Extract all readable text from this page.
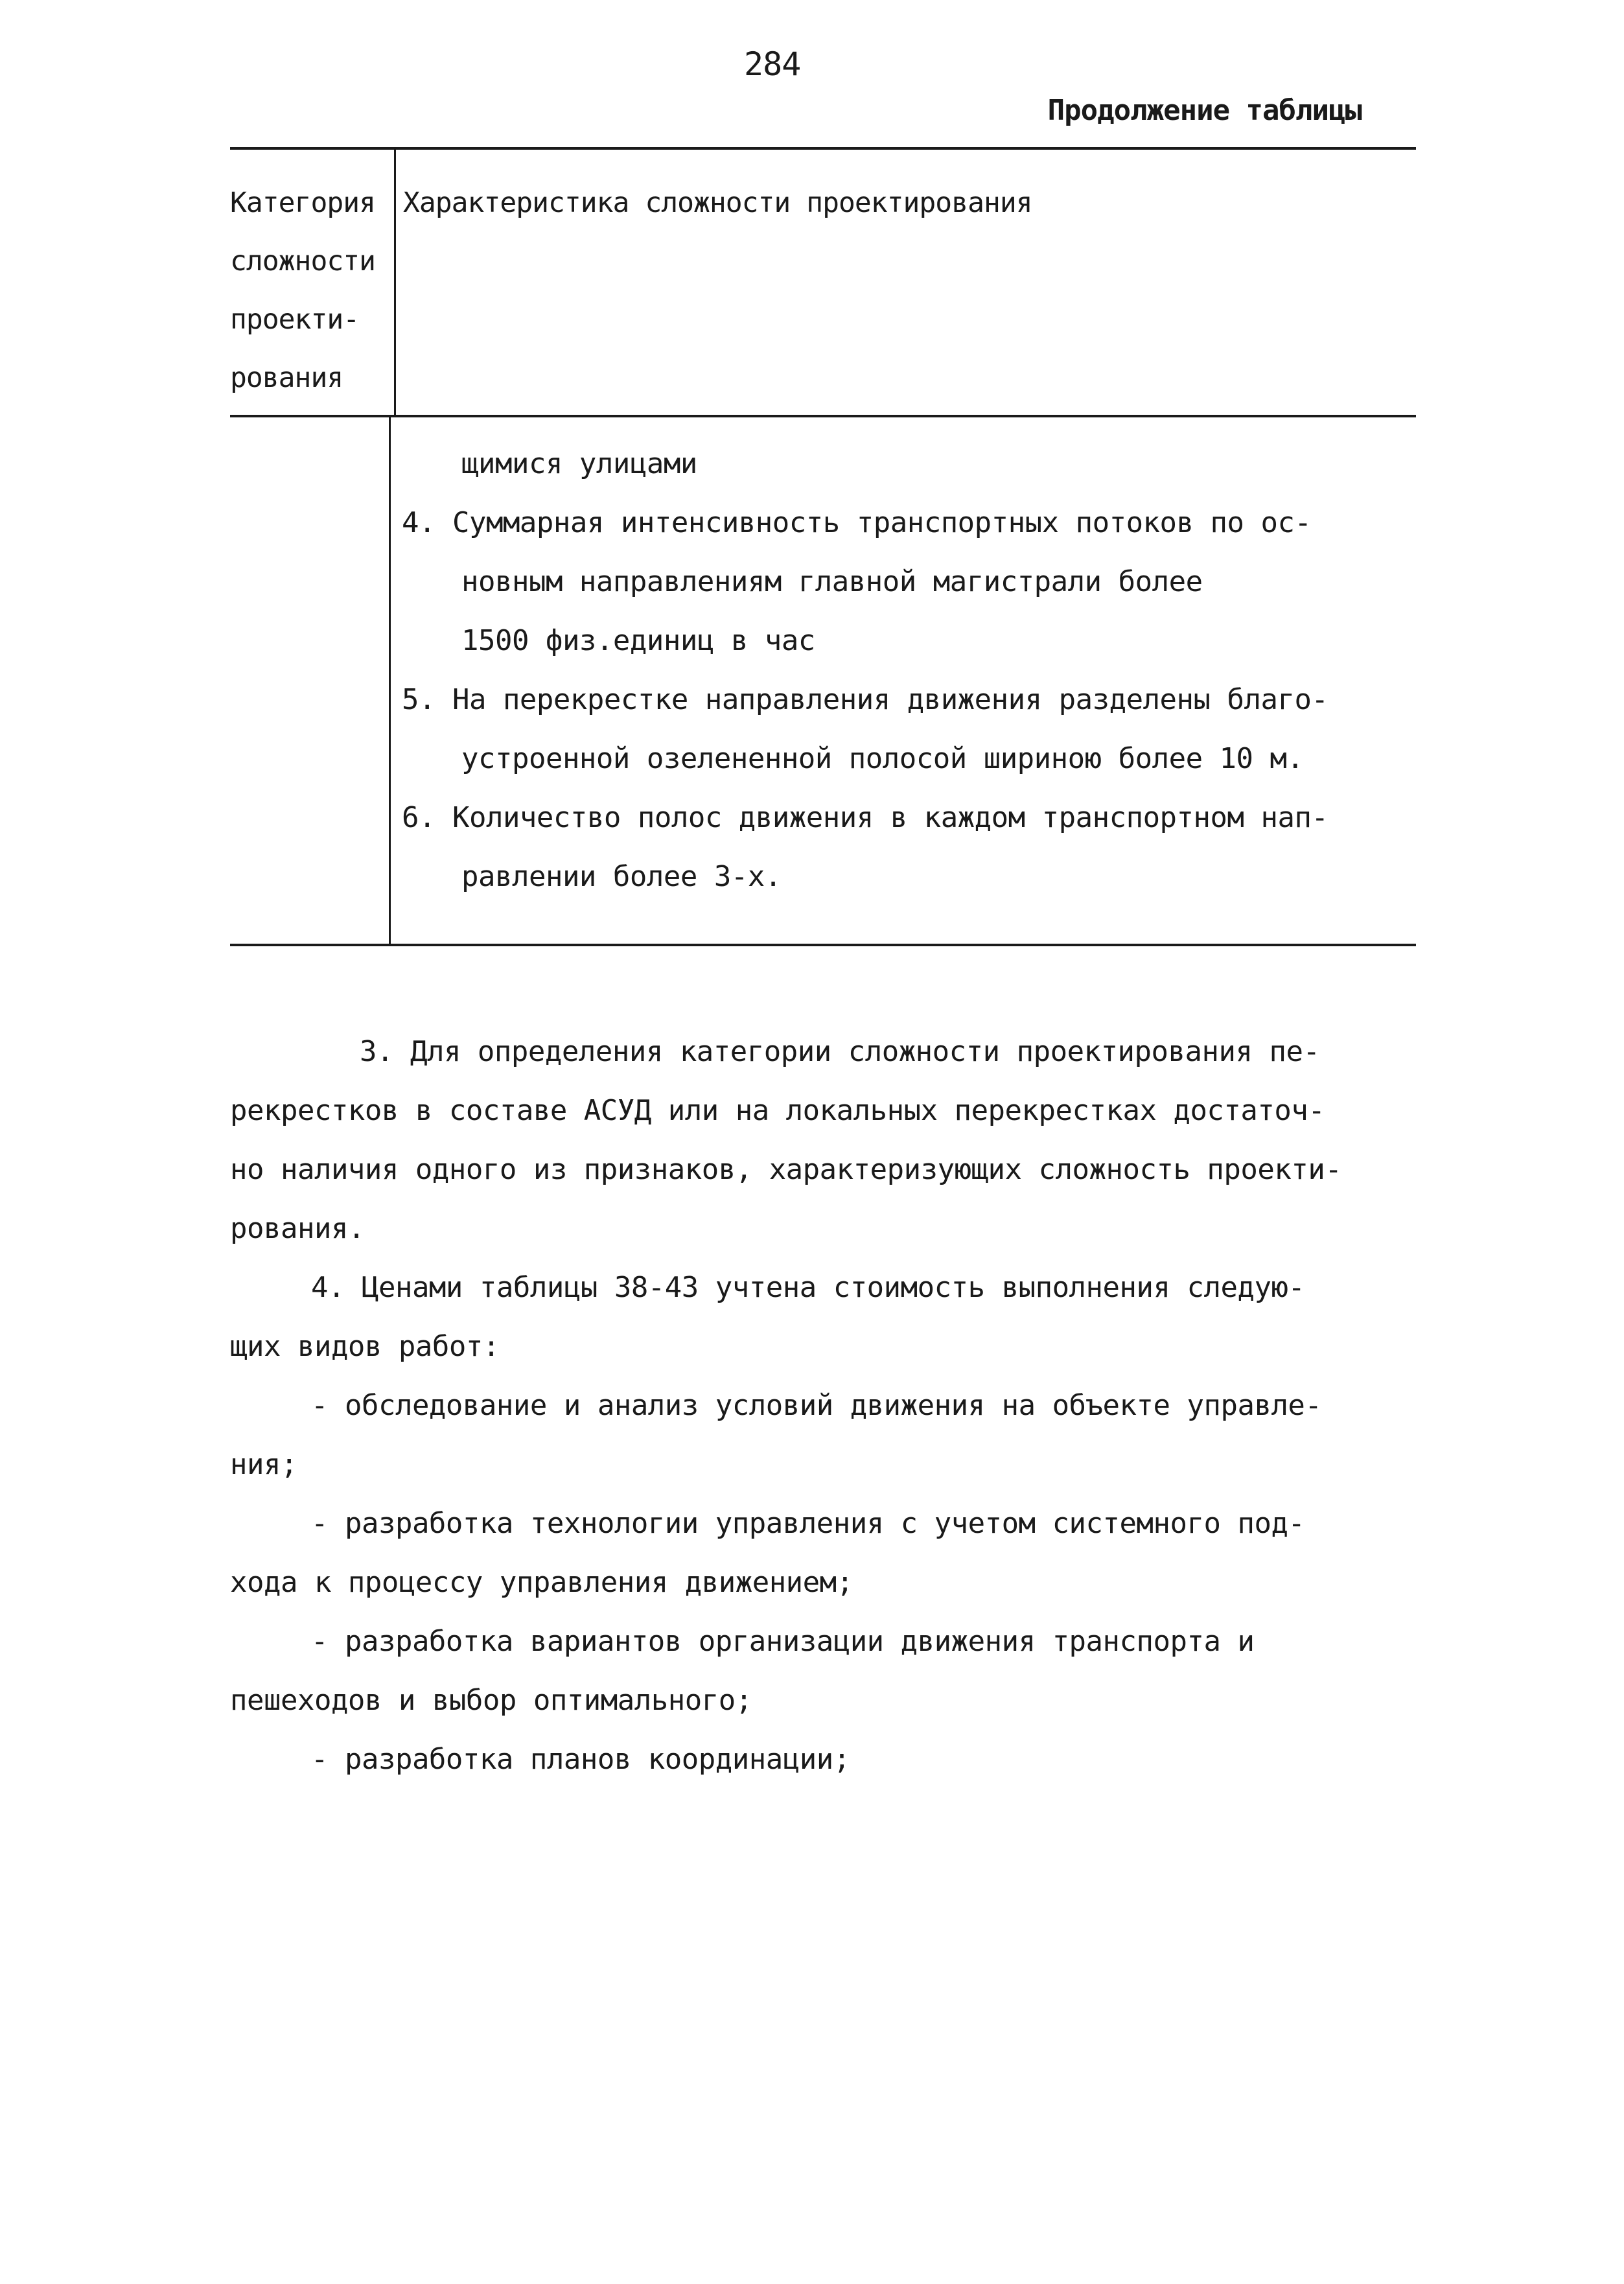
284
Продолжение таблицы
Категория
сложности
проекти-
рования
Характеристика сложности проектирования
щимися улицами
4. Суммарная интенсивность транспортных потоков по ос-
новным направлениям главной магистрали более
1500 физ.единиц в час
5. На перекрестке направления движения разделены благо-
устроенной озелененной полосой шириною более 10 м.
6. Количество полос движения в каждом транспортном нап-
равлении более 3-х.
3. Для определения категории сложности проектирования пе-
рекрестков в составе АСУД или на локальных перекрестках достаточ-
но наличия одного из признаков, характеризующих сложность проекти-
рования.
4. Ценами таблицы 38-43 учтена стоимость выполнения следую-
щих видов работ:
- обследование и анализ условий движения на объекте управле-
ния;
- разработка технологии управления с учетом системного под-
хода к процессу управления движением;
- разработка вариантов организации движения транспорта и
пешеходов и выбор оптимального;
- разработка планов координации;
